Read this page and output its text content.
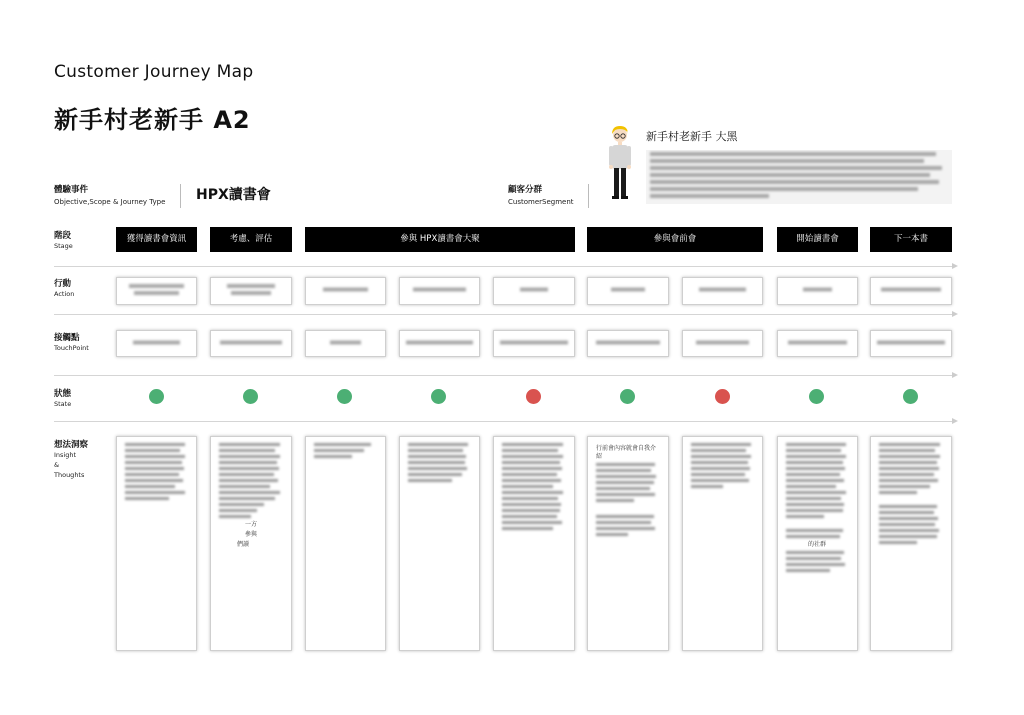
Customer Journey Map
新手村老新手 A2
體驗事件
Objective,Scope & Journey Type HPX讀書會	顧客分群
CustomerSegment
新手村老新手 大黑
階段
Stage
行動
Action
接觸點
TouchPoint
狀態
State
想法洞察
Insight
&
Thoughts
獲得讀書會資訊	考慮、評估	參與 HPX讀書會大聚	參與會前會	開始讀書會	下一本書
一方
參與
們讀
行前會內容就會自我介紹
的社群
